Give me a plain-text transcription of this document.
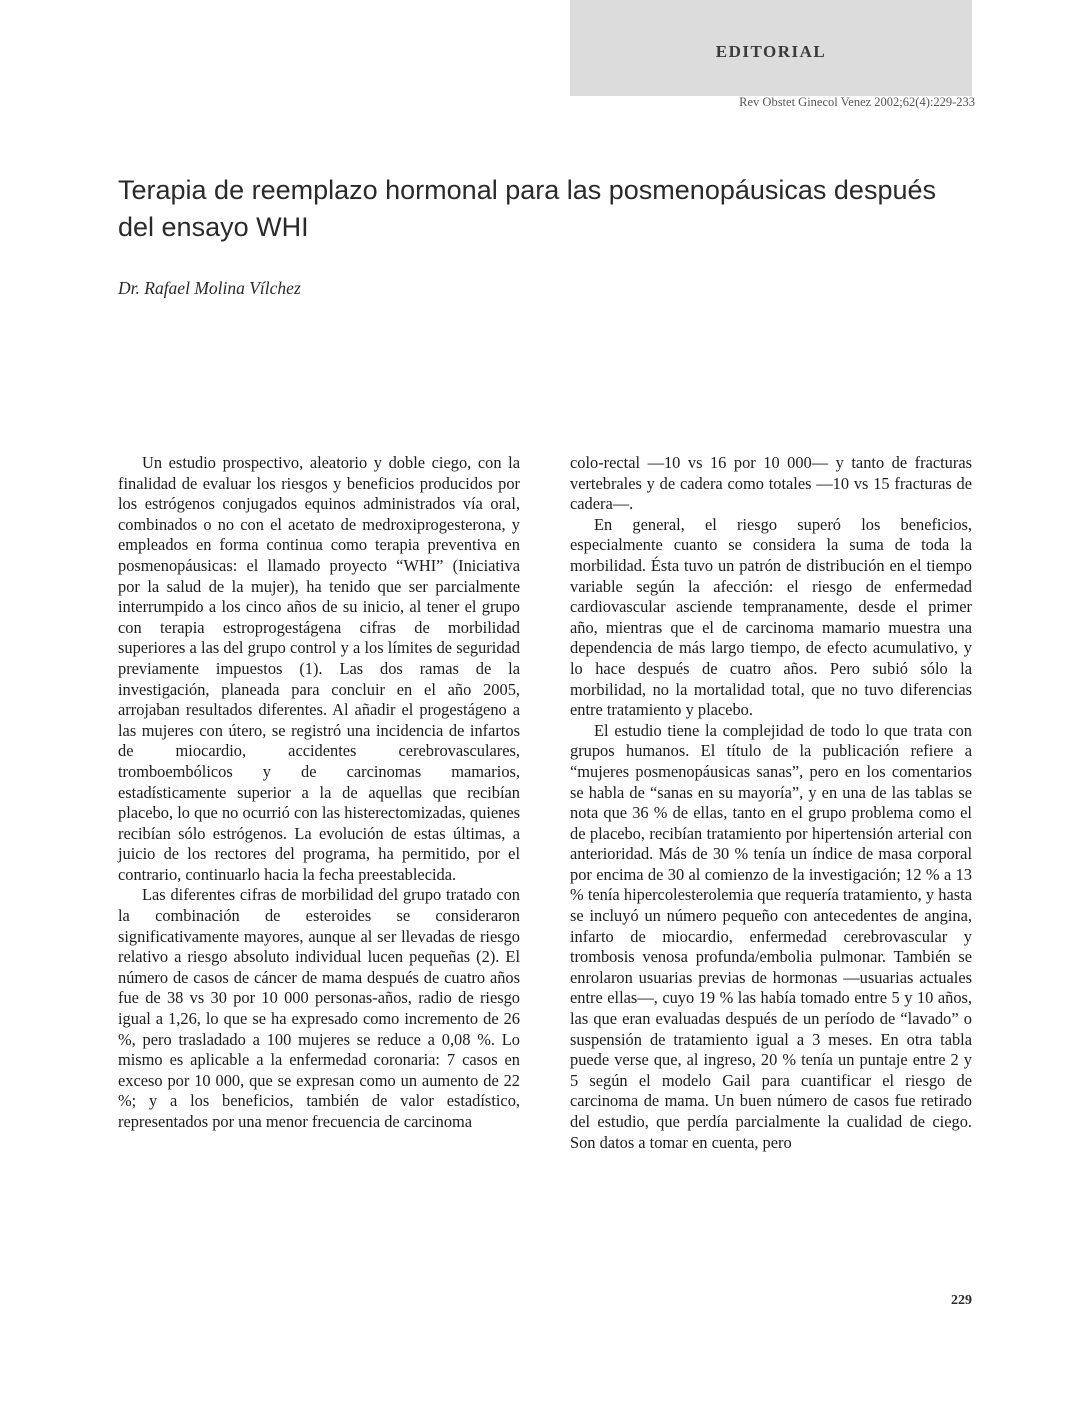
EDITORIAL
Rev Obstet Ginecol Venez 2002;62(4):229-233
Terapia de reemplazo hormonal para las posmenopáusicas después del ensayo WHI

Dr. Rafael Molina Vílchez

Un estudio prospectivo, aleatorio y doble ciego, con la finalidad de evaluar los riesgos y beneficios producidos por los estrógenos conjugados equinos administrados vía oral, combinados o no con el acetato de medroxiprogesterona, y empleados en forma continua como terapia preventiva en posmenopáusicas: el llamado proyecto “WHI” (Iniciativa por la salud de la mujer), ha tenido que ser parcialmente interrumpido a los cinco años de su inicio, al tener el grupo con terapia estroprogestágena cifras de morbilidad superiores a las del grupo control y a los límites de seguridad previamente impuestos (1). Las dos ramas de la investigación, planeada para concluir en el año 2005, arrojaban resultados diferentes. Al añadir el progestágeno a las mujeres con útero, se registró una incidencia de infartos de miocardio, accidentes cerebrovasculares, tromboembólicos y de carcinomas mamarios, estadísticamente superior a la de aquellas que recibían placebo, lo que no ocurrió con las histerectomizadas, quienes recibían sólo estrógenos. La evolución de estas últimas, a juicio de los rectores del programa, ha permitido, por el contrario, continuarlo hacia la fecha preestablecida.

Las diferentes cifras de morbilidad del grupo tratado con la combinación de esteroides se consideraron significativamente mayores, aunque al ser llevadas de riesgo relativo a riesgo absoluto individual lucen pequeñas (2). El número de casos de cáncer de mama después de cuatro años fue de 38 vs 30 por 10 000 personas-años, radio de riesgo igual a 1,26, lo que se ha expresado como incremento de 26 %, pero trasladado a 100 mujeres se reduce a 0,08 %. Lo mismo es aplicable a la enfermedad coronaria: 7 casos en exceso por 10 000, que se expresan como un aumento de 22 %; y a los beneficios, también de valor estadístico, representados por una menor frecuencia de carcinoma

colo-rectal —10 vs 16 por 10 000— y tanto de fracturas vertebrales y de cadera como totales —10 vs 15 fracturas de cadera—.

En general, el riesgo superó los beneficios, especialmente cuanto se considera la suma de toda la morbilidad. Ésta tuvo un patrón de distribución en el tiempo variable según la afección: el riesgo de enfermedad cardiovascular asciende tempranamente, desde el primer año, mientras que el de carcinoma mamario muestra una dependencia de más largo tiempo, de efecto acumulativo, y lo hace después de cuatro años. Pero subió sólo la morbilidad, no la mortalidad total, que no tuvo diferencias entre tratamiento y placebo.

El estudio tiene la complejidad de todo lo que trata con grupos humanos. El título de la publicación refiere a “mujeres posmenopáusicas sanas”, pero en los comentarios se habla de “sanas en su mayoría”, y en una de las tablas se nota que 36 % de ellas, tanto en el grupo problema como el de placebo, recibían tratamiento por hipertensión arterial con anterioridad. Más de 30 % tenía un índice de masa corporal por encima de 30 al comienzo de la investigación; 12 % a 13 % tenía hipercolesterolemia que requería tratamiento, y hasta se incluyó un número pequeño con antecedentes de angina, infarto de miocardio, enfermedad cerebrovascular y trombosis venosa profunda/embolia pulmonar. También se enrolaron usuarias previas de hormonas —usuarias actuales entre ellas—, cuyo 19 % las había tomado entre 5 y 10 años, las que eran evaluadas después de un período de “lavado” o suspensión de tratamiento igual a 3 meses. En otra tabla puede verse que, al ingreso, 20 % tenía un puntaje entre 2 y 5 según el modelo Gail para cuantificar el riesgo de carcinoma de mama. Un buen número de casos fue retirado del estudio, que perdía parcialmente la cualidad de ciego. Son datos a tomar en cuenta, pero

229
